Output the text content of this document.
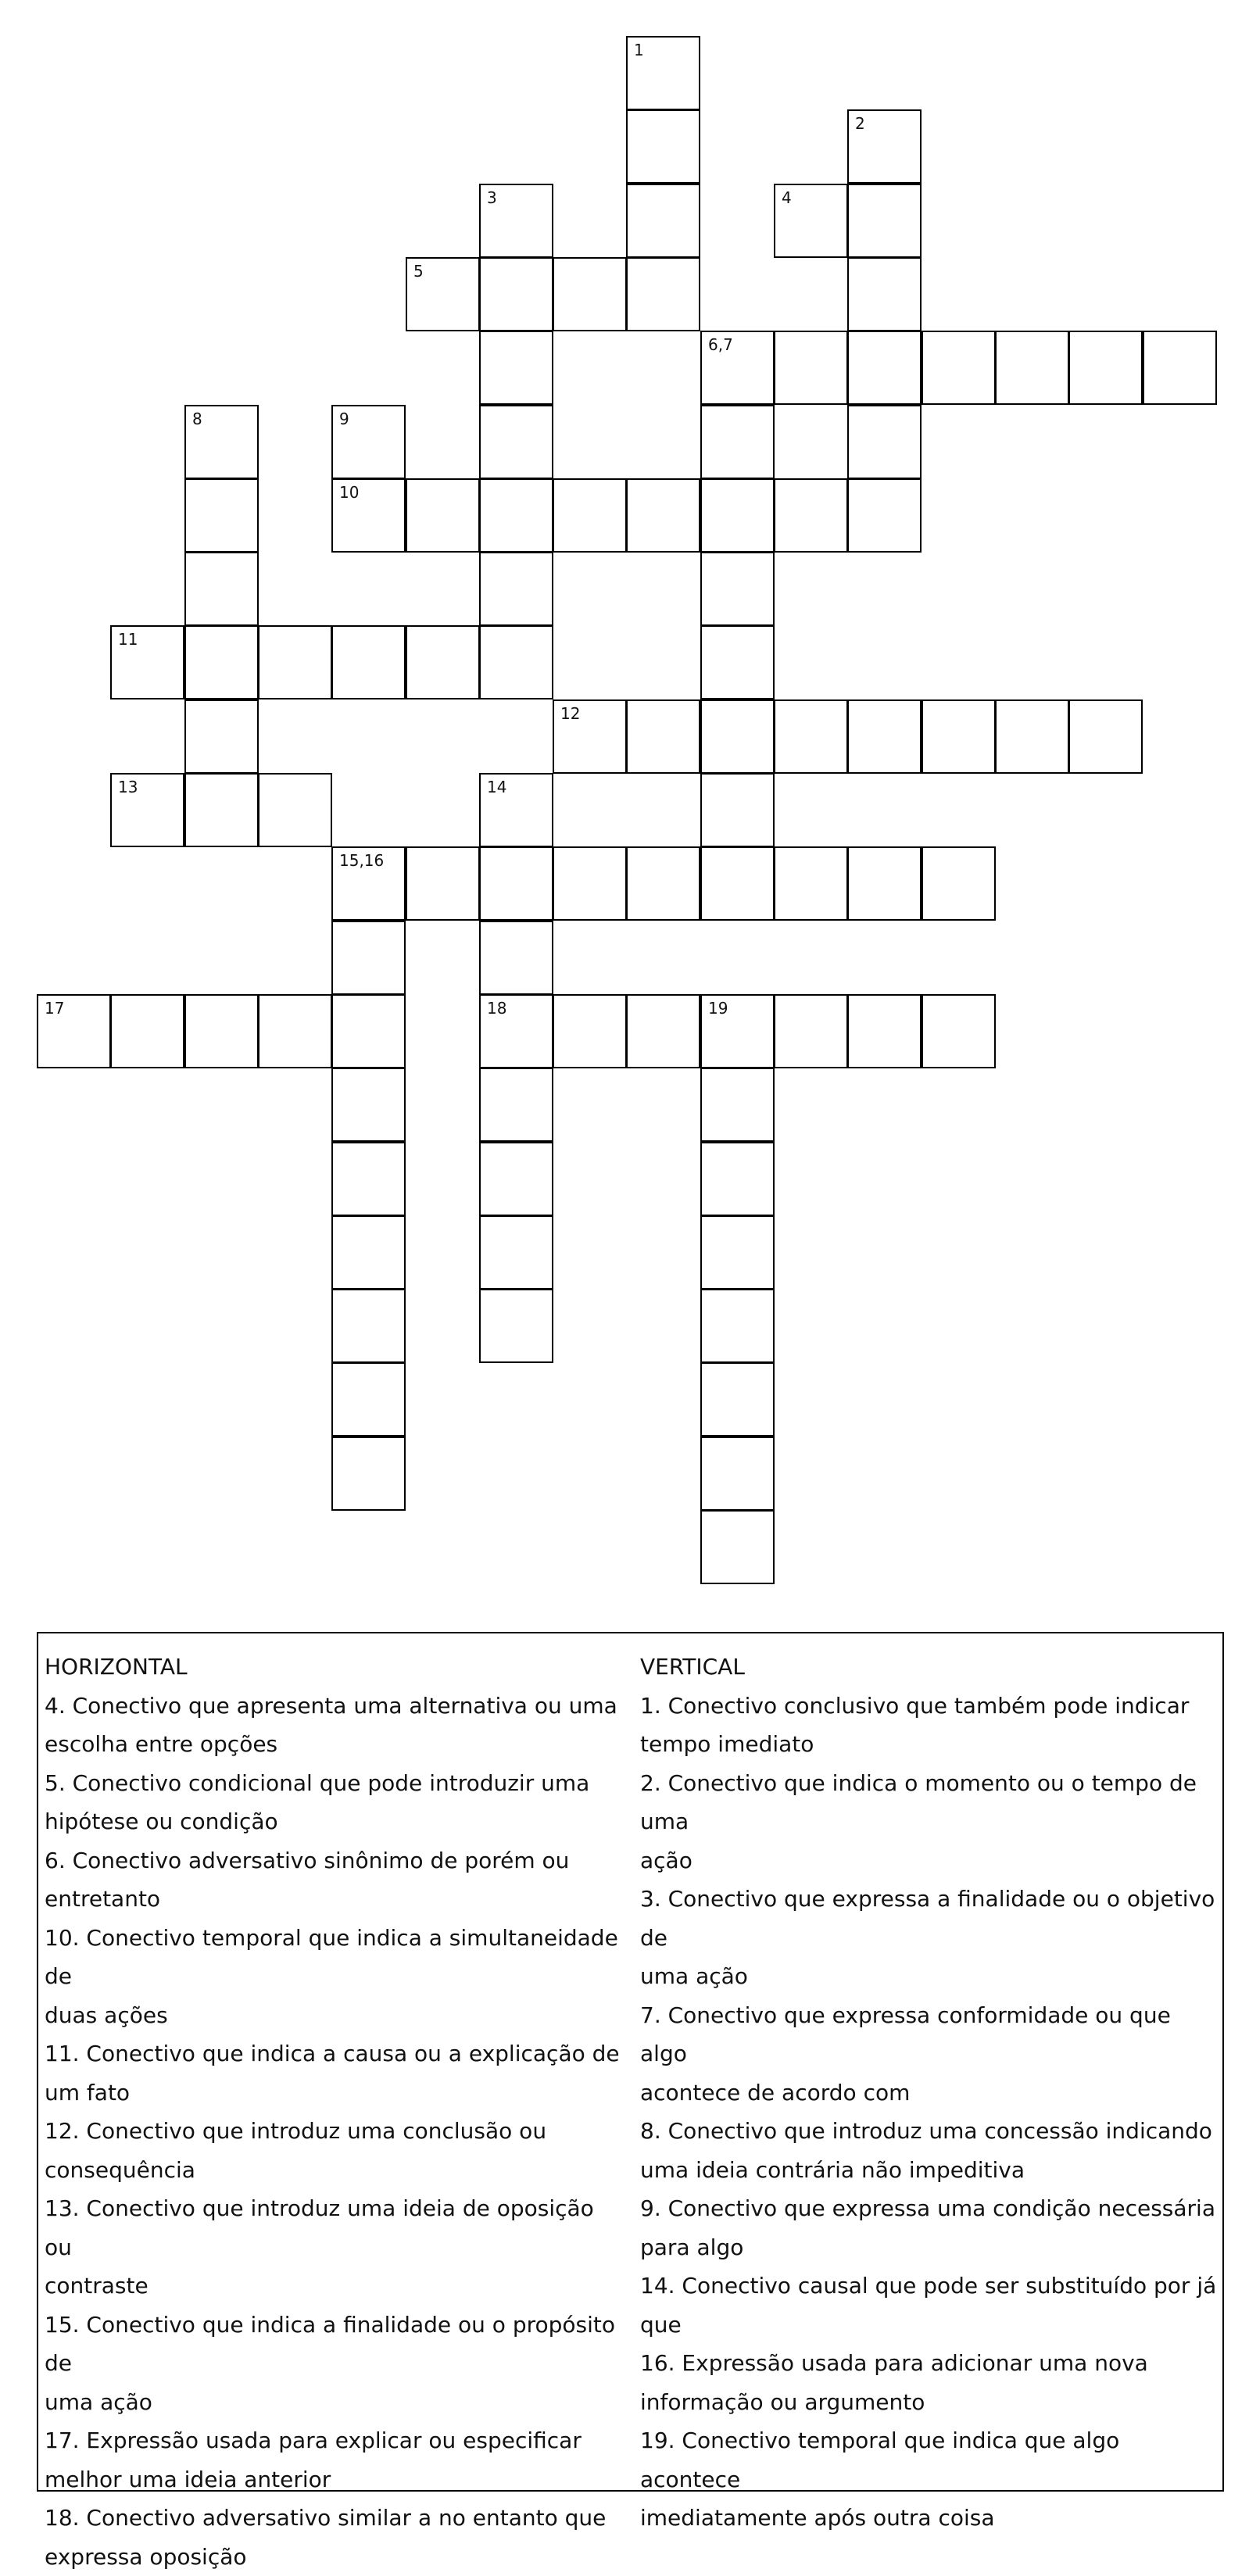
1
2
3	4
5
6,7
8	9
10
11
12
13	14
18
15,16
17	19

HORIZONTAL

4. Conectivo que apresenta uma alternativa ou uma
escolha entre opções
5. Conectivo condicional que pode introduzir uma
hipótese ou condição
6. Conectivo adversativo sinônimo de porém ou
entretanto
10. Conectivo temporal que indica a simultaneidade de
duas ações
11. Conectivo que indica a causa ou a explicação de
um fato
12. Conectivo que introduz uma conclusão ou
consequência
13. Conectivo que introduz uma ideia de oposição ou
contraste
15. Conectivo que indica a finalidade ou o propósito de
uma ação
17. Expressão usada para explicar ou especificar
melhor uma ideia anterior
18. Conectivo adversativo similar a no entanto que
expressa oposição

VERTICAL

1. Conectivo conclusivo que também pode indicar
tempo imediato
2. Conectivo que indica o momento ou o tempo de uma
ação
3. Conectivo que expressa a finalidade ou o objetivo de
uma ação
7. Conectivo que expressa conformidade ou que algo
acontece de acordo com
8. Conectivo que introduz uma concessão indicando
uma ideia contrária não impeditiva
9. Conectivo que expressa uma condição necessária
para algo
14. Conectivo causal que pode ser substituído por já
que
16. Expressão usada para adicionar uma nova
informação ou argumento
19. Conectivo temporal que indica que algo acontece
imediatamente após outra coisa
